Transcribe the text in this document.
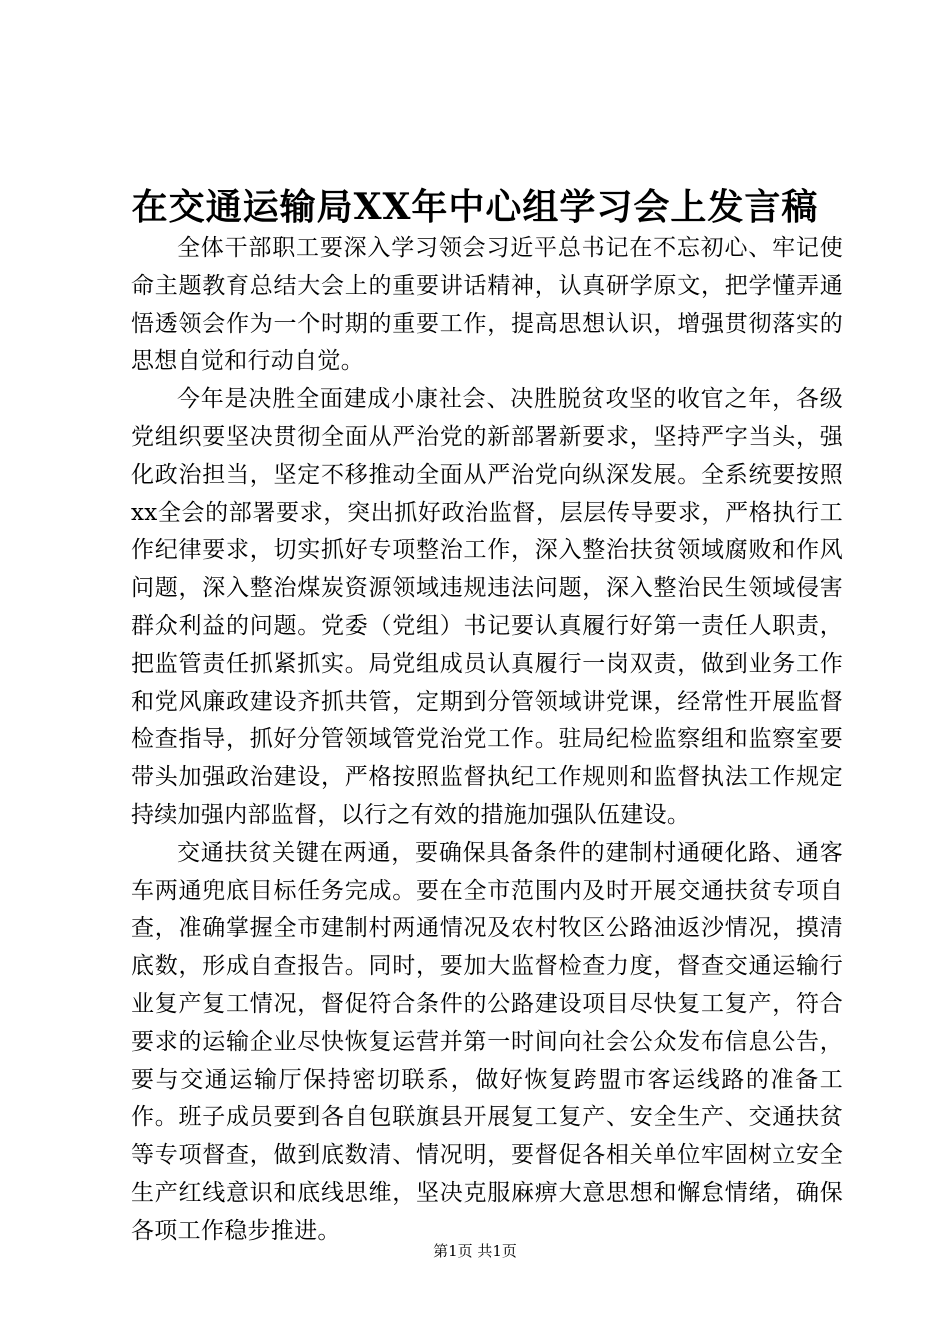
在交通运输局XX年中心组学习会上发言稿

全体干部职工要深入学习领会习近平总书记在不忘初心、牢记使命主题教育总结大会上的重要讲话精神，认真研学原文，把学懂弄通悟透领会作为一个时期的重要工作，提高思想认识，增强贯彻落实的思想自觉和行动自觉。

今年是决胜全面建成小康社会、决胜脱贫攻坚的收官之年，各级党组织要坚决贯彻全面从严治党的新部署新要求，坚持严字当头，强化政治担当，坚定不移推动全面从严治党向纵深发展。全系统要按照xx全会的部署要求，突出抓好政治监督，层层传导要求，严格执行工作纪律要求，切实抓好专项整治工作，深入整治扶贫领域腐败和作风问题，深入整治煤炭资源领域违规违法问题，深入整治民生领域侵害群众利益的问题。党委（党组）书记要认真履行好第一责任人职责，把监管责任抓紧抓实。局党组成员认真履行一岗双责，做到业务工作和党风廉政建设齐抓共管，定期到分管领域讲党课，经常性开展监督检查指导，抓好分管领域管党治党工作。驻局纪检监察组和监察室要带头加强政治建设，严格按照监督执纪工作规则和监督执法工作规定持续加强内部监督，以行之有效的措施加强队伍建设。

交通扶贫关键在两通，要确保具备条件的建制村通硬化路、通客车两通兜底目标任务完成。要在全市范围内及时开展交通扶贫专项自查，准确掌握全市建制村两通情况及农村牧区公路油返沙情况，摸清底数，形成自查报告。同时，要加大监督检查力度，督查交通运输行业复产复工情况，督促符合条件的公路建设项目尽快复工复产，符合要求的运输企业尽快恢复运营并第一时间向社会公众发布信息公告，要与交通运输厅保持密切联系，做好恢复跨盟市客运线路的准备工作。班子成员要到各自包联旗县开展复工复产、安全生产、交通扶贫等专项督查，做到底数清、情况明，要督促各相关单位牢固树立安全生产红线意识和底线思维，坚决克服麻痹大意思想和懈怠情绪，确保各项工作稳步推进。

第1页 共1页
